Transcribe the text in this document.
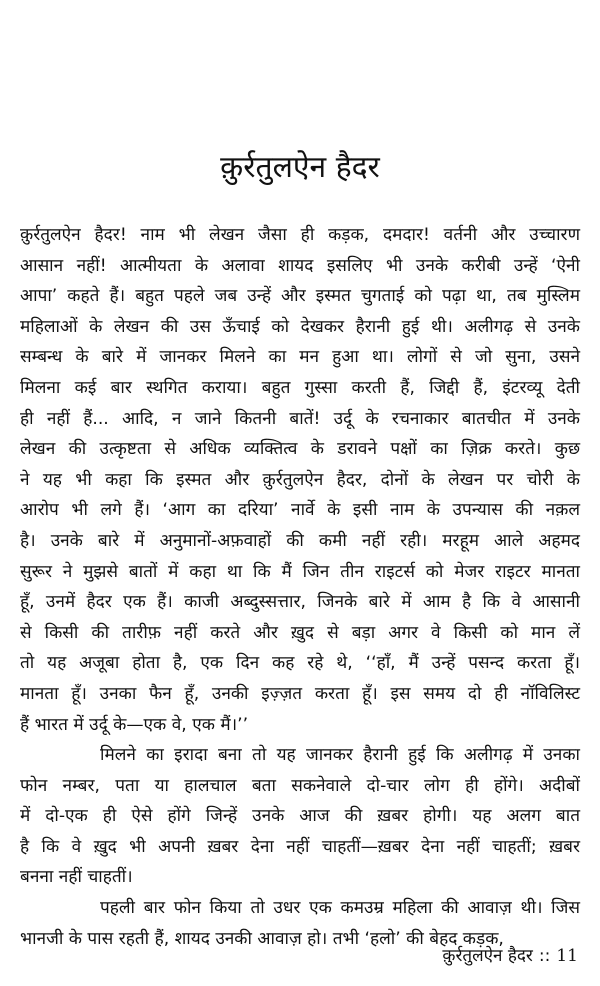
क़ुर्रतुलऐन हैदर
क़ुर्रतुलऐन हैदर! नाम भी लेखन जैसा ही कड़क, दमदार! वर्तनी और उच्चारण
आसान नहीं! आत्मीयता के अलावा शायद इसलिए भी उनके करीबी उन्हें ‘ऐनी
आपा’ कहते हैं। बहुत पहले जब उन्हें और इस्मत चुगताई को पढ़ा था, तब मुस्लिम
महिलाओं के लेखन की उस ऊँचाई को देखकर हैरानी हुई थी। अलीगढ़ से उनके
सम्बन्ध के बारे में जानकर मिलने का मन हुआ था। लोगों से जो सुना, उसने
मिलना कई बार स्थगित कराया। बहुत गुस्सा करती हैं, जिद्दी हैं, इंटरव्यू देती
ही नहीं हैं... आदि, न जाने कितनी बातें! उर्दू के रचनाकार बातचीत में उनके
लेखन की उत्कृष्टता से अधिक व्यक्तित्व के डरावने पक्षों का ज़िक्र करते। कुछ
ने यह भी कहा कि इस्मत और क़ुर्रतुलऐन हैदर, दोनों के लेखन पर चोरी के
आरोप भी लगे हैं। ‘आग का दरिया’ नार्वे के इसी नाम के उपन्यास की नक़ल
है। उनके बारे में अनुमानों-अफ़वाहों की कमी नहीं रही। मरहूम आले अहमद
सुरूर ने मुझसे बातों में कहा था कि मैं जिन तीन राइटर्स को मेजर राइटर मानता
हूँ, उनमें हैदर एक हैं। काजी अब्दुस्सत्तार, जिनके बारे में आम है कि वे आसानी
से किसी की तारीफ़ नहीं करते और ख़ुद से बड़ा अगर वे किसी को मान लें
तो यह अजूबा होता है, एक दिन कह रहे थे, ‘‘हाँ, मैं उन्हें पसन्द करता हूँ।
मानता हूँ। उनका फैन हूँ, उनकी इज़्ज़त करता हूँ। इस समय दो ही नॉविलिस्ट
हैं भारत में उर्दू के—एक वे, एक मैं।’’
मिलने का इरादा बना तो यह जानकर हैरानी हुई कि अलीगढ़ में उनका
फोन नम्बर, पता या हालचाल बता सकनेवाले दो-चार लोग ही होंगे। अदीबों
में दो-एक ही ऐसे होंगे जिन्हें उनके आज की ख़बर होगी। यह अलग बात
है कि वे ख़ुद भी अपनी ख़बर देना नहीं चाहतीं—ख़बर देना नहीं चाहतीं; ख़बर
बनना नहीं चाहतीं।
पहली बार फोन किया तो उधर एक कमउम्र महिला की आवाज़ थी। जिस
भानजी के पास रहती हैं, शायद उनकी आवाज़ हो। तभी ‘हलो’ की बेहद कड़क,
क़ुर्रतुलऐन हैदर :: 11
